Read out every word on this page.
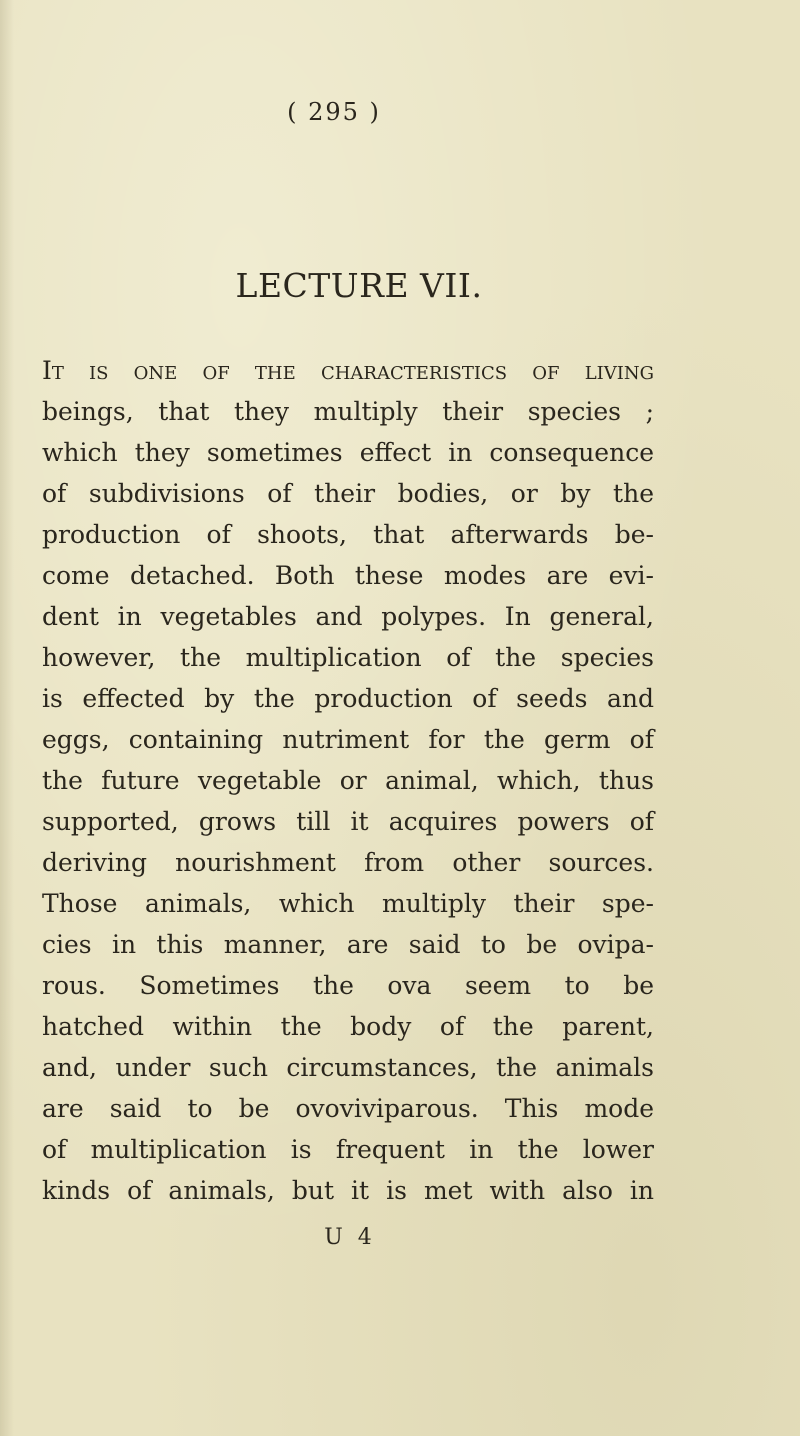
( 295 )
LECTURE VII.
It is one of the characteristics of living
beings, that they multiply their species ;
which they sometimes effect in consequence
of subdivisions of their bodies, or by the
production of shoots, that afterwards be-
come detached. Both these modes are evi-
dent in vegetables and polypes. In general,
however, the multiplication of the species
is effected by the production of seeds and
eggs, containing nutriment for the germ of
the future vegetable or animal, which, thus
supported, grows till it acquires powers of
deriving nourishment from other sources.
Those animals, which multiply their spe-
cies in this manner, are said to be ovipa-
rous. Sometimes the ova seem to be
hatched within the body of the parent,
and, under such circumstances, the animals
are said to be ovoviviparous. This mode
of multiplication is frequent in the lower
kinds of animals, but it is met with also in
U 4
